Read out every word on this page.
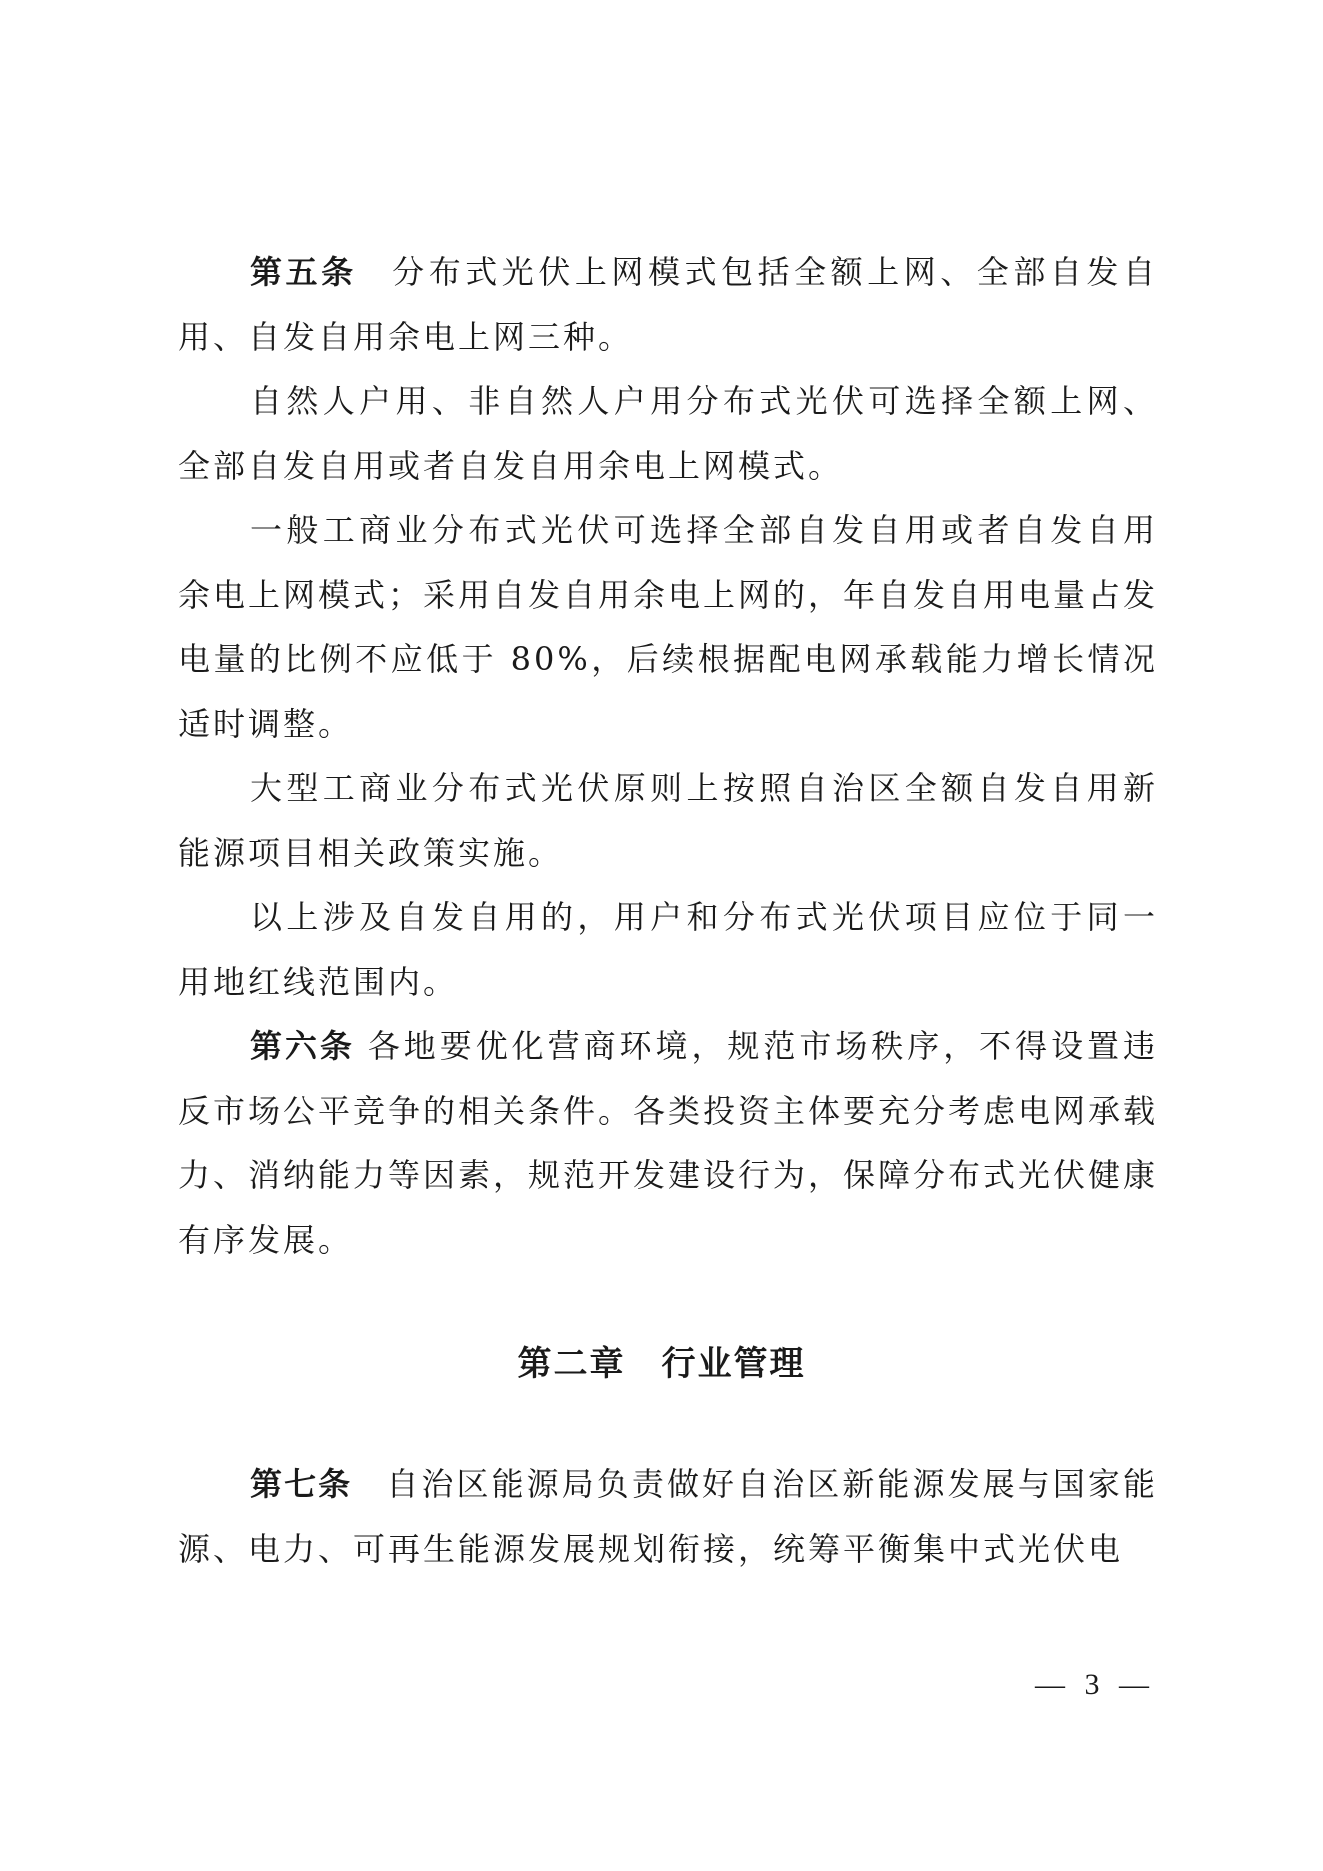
第五条 分布式光伏上网模式包括全额上网、全部自发自用、自发自用余电上网三种。

自然人户用、非自然人户用分布式光伏可选择全额上网、全部自发自用或者自发自用余电上网模式。

一般工商业分布式光伏可选择全部自发自用或者自发自用余电上网模式；采用自发自用余电上网的，年自发自用电量占发电量的比例不应低于 80%，后续根据配电网承载能力增长情况适时调整。

大型工商业分布式光伏原则上按照自治区全额自发自用新能源项目相关政策实施。

以上涉及自发自用的，用户和分布式光伏项目应位于同一用地红线范围内。

第六条 各地要优化营商环境，规范市场秩序，不得设置违反市场公平竞争的相关条件。各类投资主体要充分考虑电网承载力、消纳能力等因素，规范开发建设行为，保障分布式光伏健康有序发展。

第二章 行业管理

第七条 自治区能源局负责做好自治区新能源发展与国家能源、电力、可再生能源发展规划衔接，统筹平衡集中式光伏电

— 3 —
